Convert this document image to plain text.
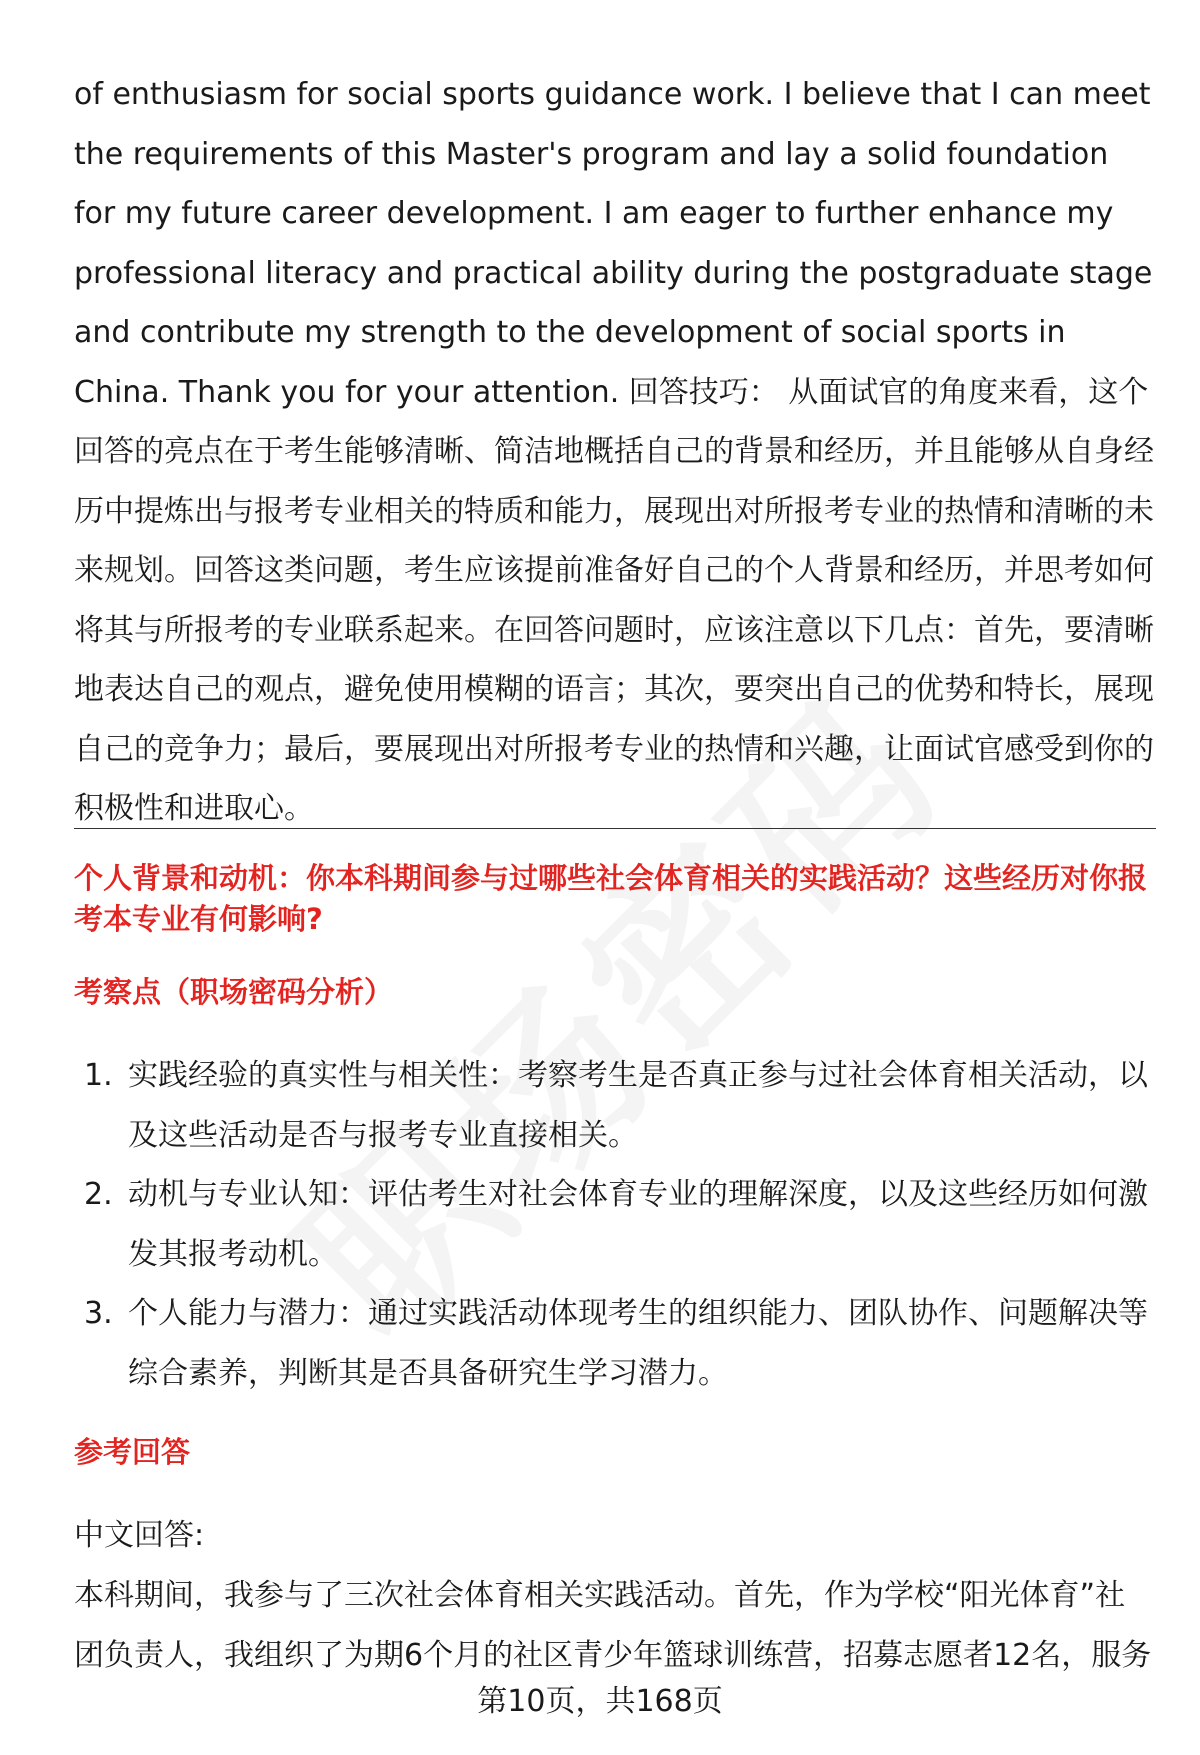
of enthusiasm for social sports guidance work. I believe that I can meet the requirements of this Master's program and lay a solid foundation for my future career development. I am eager to further enhance my professional literacy and practical ability during the postgraduate stage and contribute my strength to the development of social sports in China. Thank you for your attention. 回答技巧： 从面试官的角度来看，这个回答的亮点在于考生能够清晰、简洁地概括自己的背景和经历，并且能够从自身经历中提炼出与报考专业相关的特质和能力，展现出对所报考专业的热情和清晰的未来规划。回答这类问题，考生应该提前准备好自己的个人背景和经历，并思考如何将其与所报考的专业联系起来。在回答问题时，应该注意以下几点：首先，要清晰地表达自己的观点，避免使用模糊的语言；其次，要突出自己的优势和特长，展现自己的竞争力；最后，要展现出对所报考专业的热情和兴趣，让面试官感受到你的积极性和进取心。

个人背景和动机：你本科期间参与过哪些社会体育相关的实践活动？这些经历对你报考本专业有何影响?
考察点（职场密码分析）
1. 实践经验的真实性与相关性：考察考生是否真正参与过社会体育相关活动，以及这些活动是否与报考专业直接相关。
2. 动机与专业认知：评估考生对社会体育专业的理解深度，以及这些经历如何激发其报考动机。
3. 个人能力与潜力：通过实践活动体现考生的组织能力、团队协作、问题解决等综合素养，判断其是否具备研究生学习潜力。
参考回答

中文回答:

本科期间，我参与了三次社会体育相关实践活动。首先，作为学校“阳光体育”社团负责人，我组织了为期6个月的社区青少年篮球训练营，招募志愿者12名，服务

第10页，共168页
